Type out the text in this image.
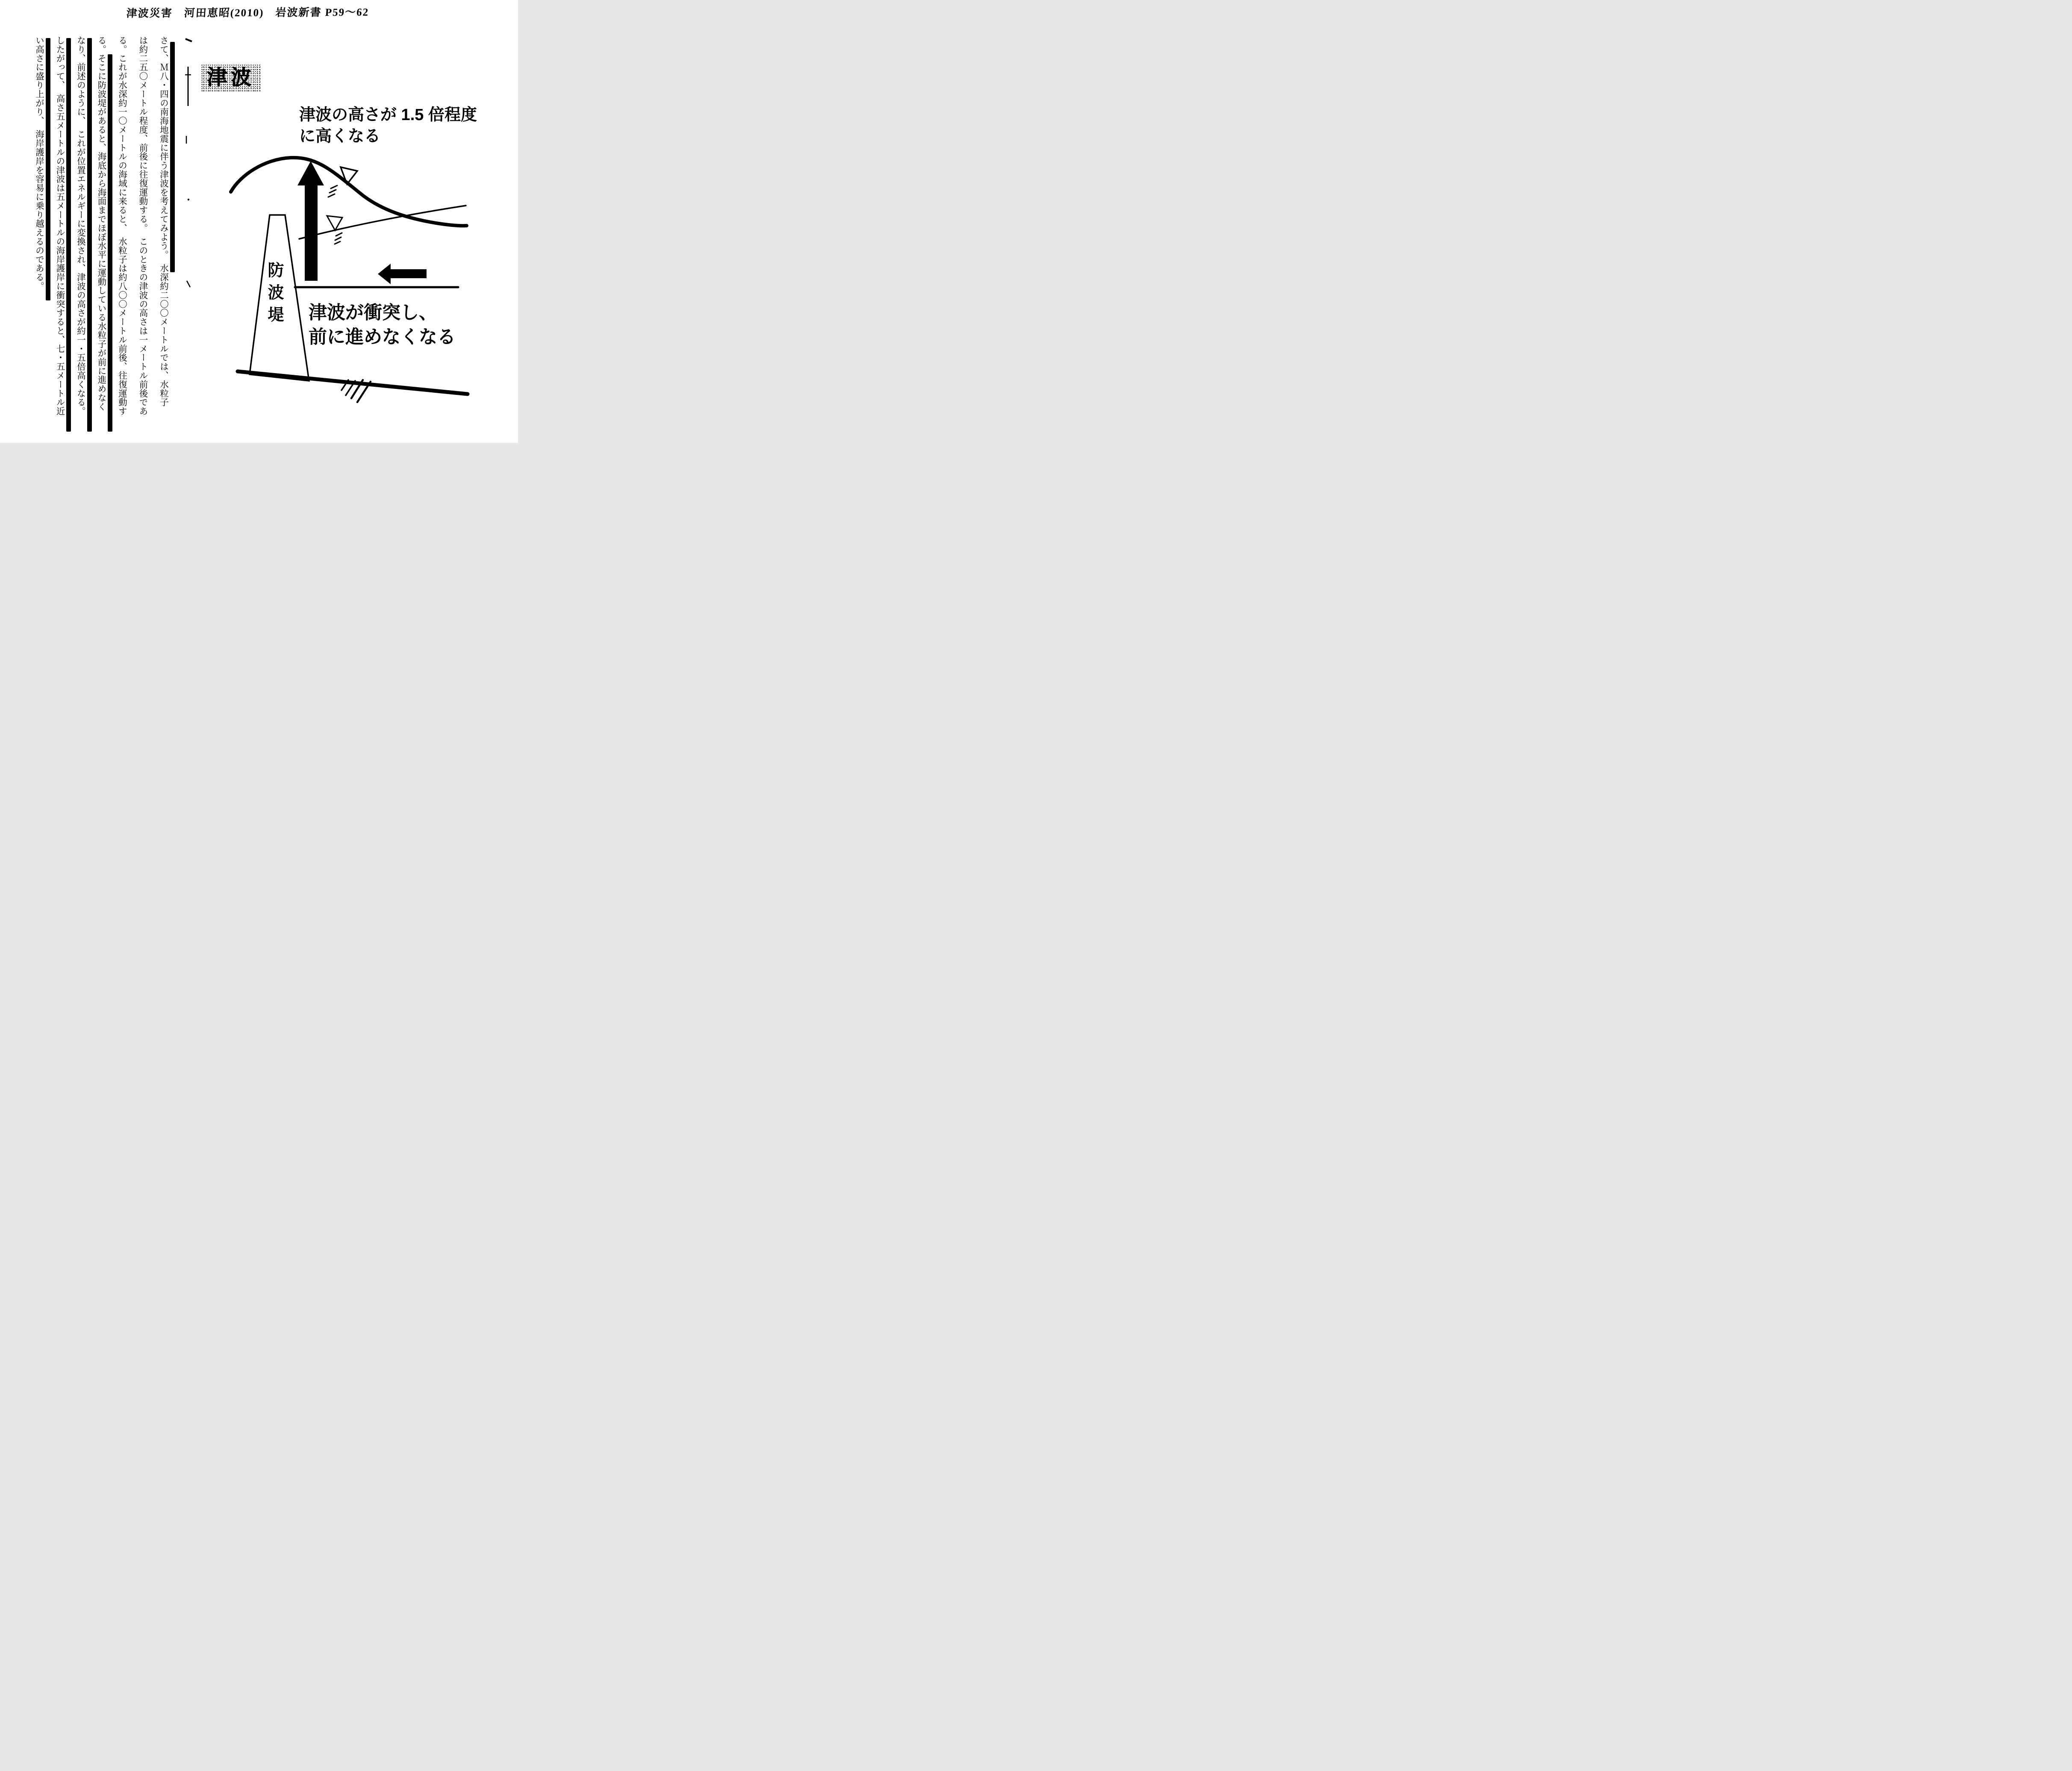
津波災害　河田恵昭(2010)　岩波新書 P59〜62
さて、Ｍ八・四の南海地震に伴う津波を考えてみよう。　水深約二〇〇メートルでは、水粒子
は約二五〇メートル程度、前後に往復運動する。　このときの津波の高さは一メートル前後であ
る。これが水深約一〇メートルの海域に来ると、　水粒子は約八〇〇メートル前後、往復運動す
る。そこに防波堤があると、海底から海面までほぼ水平に運動している水粒子が前に進めなく
なり、前述のように、　これが位置エネルギーに変換され、津波の高さが約一・五倍高くなる。
したがって、　高さ五メートルの津波は五メートルの海岸護岸に衝突すると、七・五メートル近
い高さに盛り上がり、　海岸護岸を容易に乗り越えるのである。	津波
津波の高さが 1.5 倍程度
に高くなる
津波が衝突し、
前に進めなくなる
防波堤
